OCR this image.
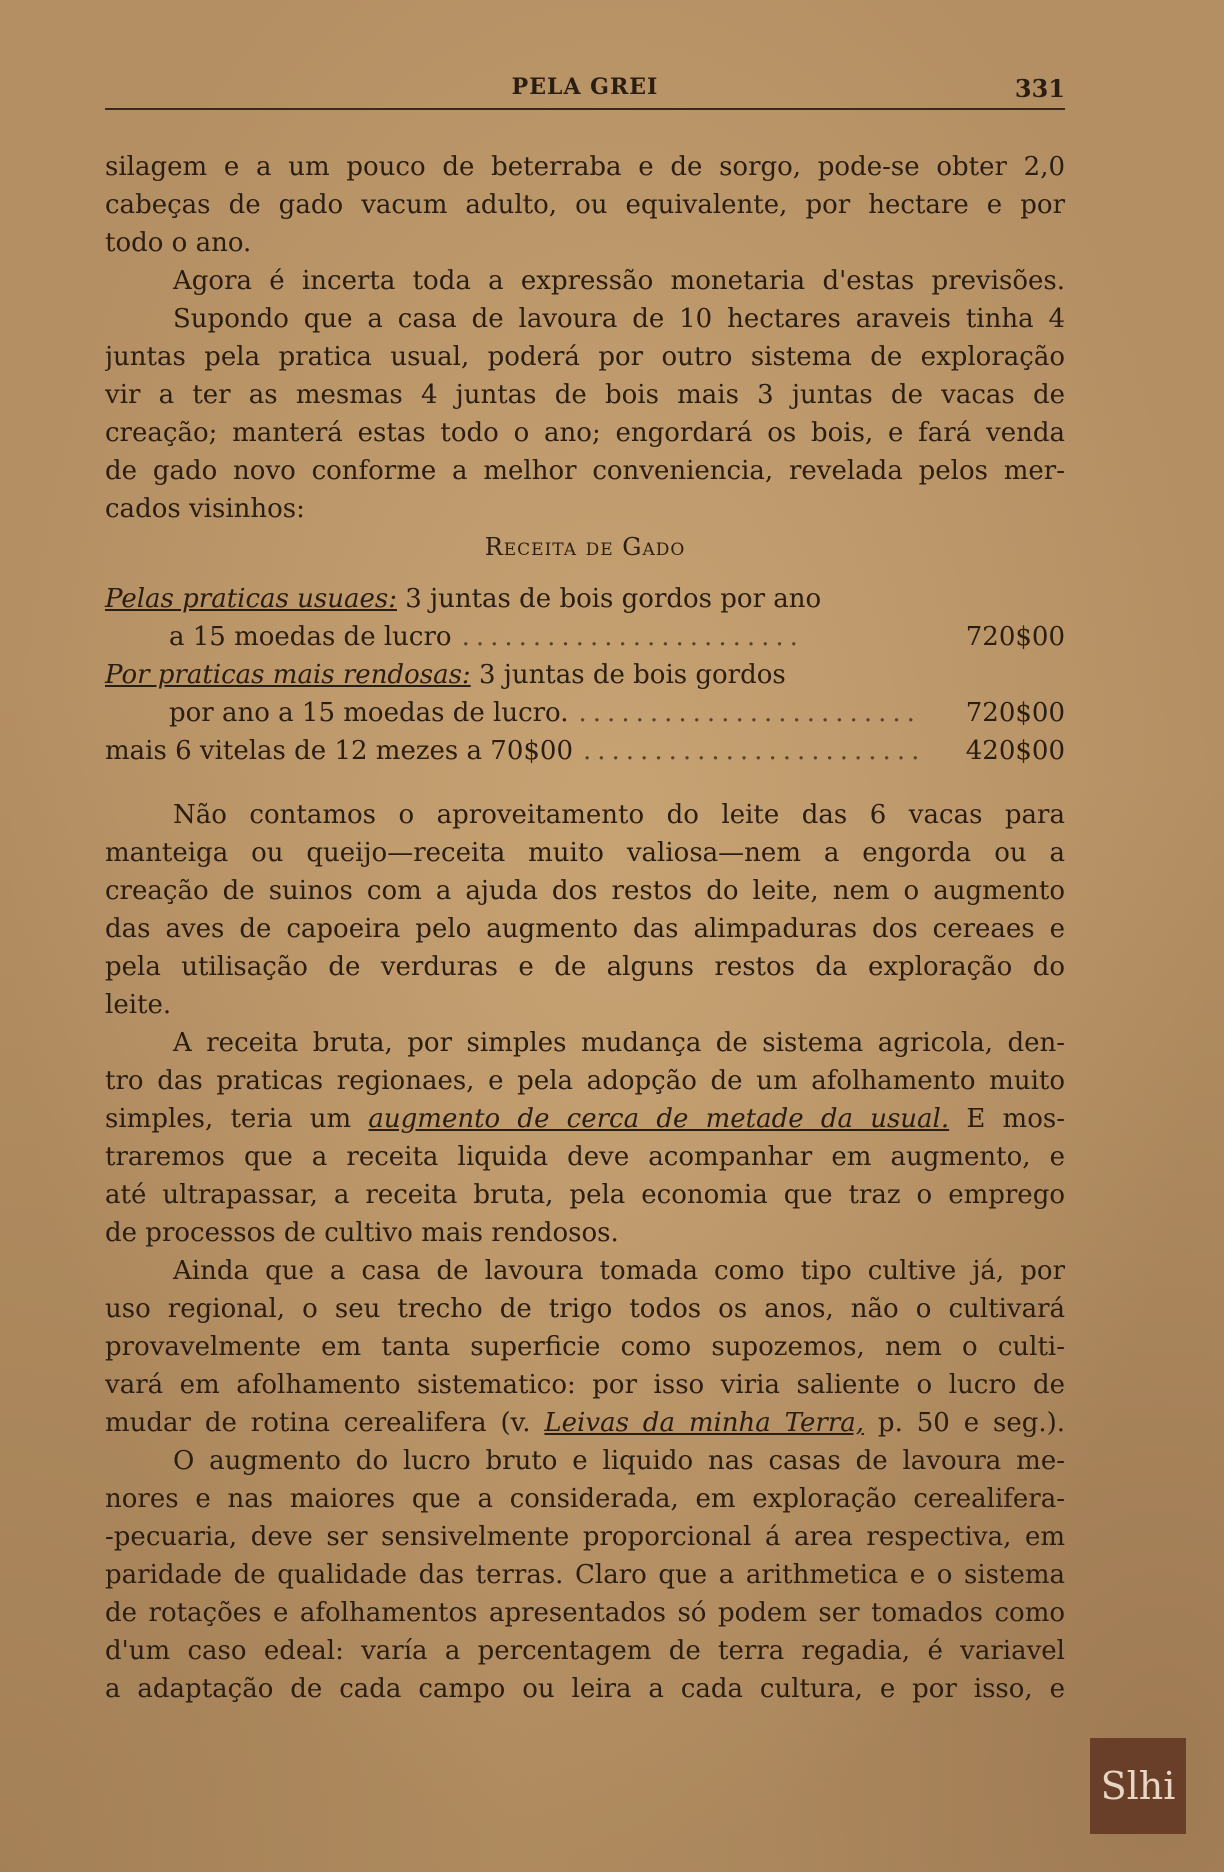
PELA GREI	331
silagem e a um pouco de beterraba e de sorgo, pode-se obter 2,0
cabeças de gado vacum adulto, ou equivalente, por hectare e por
todo o ano.
Agora é incerta toda a expressão monetaria d'estas previsões.
Supondo que a casa de lavoura de 10 hectares araveis tinha 4
juntas pela pratica usual, poderá por outro sistema de exploração
vir a ter as mesmas 4 juntas de bois mais 3 juntas de vacas de
creação; manterá estas todo o ano; engordará os bois, e fará venda
de gado novo conforme a melhor conveniencia, revelada pelos mer-
cados visinhos:
Receita de Gado
Pelas praticas usuaes: 3 juntas de bois gordos por ano
a 15 moedas de lucro ........................	720$00
Por praticas mais rendosas: 3 juntas de bois gordos
por ano a 15 moedas de lucro. ........................	720$00
mais 6 vitelas de 12 mezes a 70$00 ........................	420$00
Não contamos o aproveitamento do leite das 6 vacas para
manteiga ou queijo—receita muito valiosa—nem a engorda ou a
creação de suinos com a ajuda dos restos do leite, nem o augmento
das aves de capoeira pelo augmento das alimpaduras dos cereaes e
pela utilisação de verduras e de alguns restos da exploração do
leite.
A receita bruta, por simples mudança de sistema agricola, den-
tro das praticas regionaes, e pela adopção de um afolhamento muito
simples, teria um augmento de cerca de metade da usual. E mos-
traremos que a receita liquida deve acompanhar em augmento, e
até ultrapassar, a receita bruta, pela economia que traz o emprego
de processos de cultivo mais rendosos.
Ainda que a casa de lavoura tomada como tipo cultive já, por
uso regional, o seu trecho de trigo todos os anos, não o cultivará
provavelmente em tanta superficie como supozemos, nem o culti-
vará em afolhamento sistematico: por isso viria saliente o lucro de
mudar de rotina cerealifera (v. Leivas da minha Terra, p. 50 e seg.).
O augmento do lucro bruto e liquido nas casas de lavoura me-
nores e nas maiores que a considerada, em exploração cerealifera-
-pecuaria, deve ser sensivelmente proporcional á area respectiva, em
paridade de qualidade das terras. Claro que a arithmetica e o sistema
de rotações e afolhamentos apresentados só podem ser tomados como
d'um caso edeal: varía a percentagem de terra regadia, é variavel
a adaptação de cada campo ou leira a cada cultura, e por isso, e
Slhi
